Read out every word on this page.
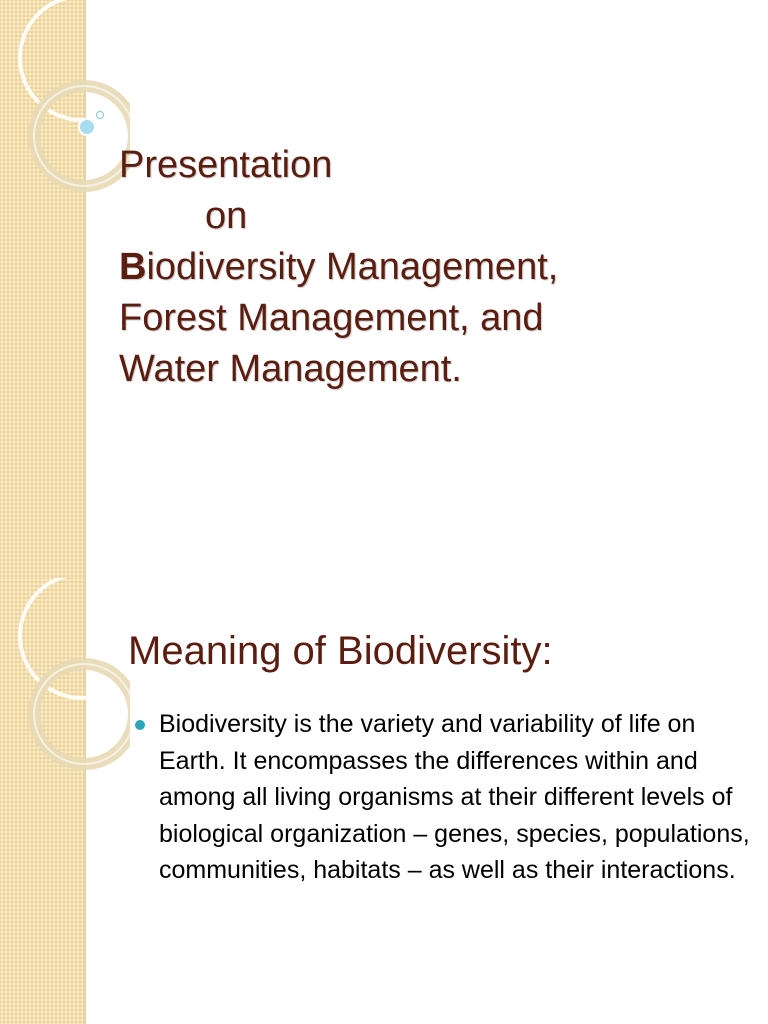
Presentation
on
Biodiversity Management,
Forest Management, and
Water Management.
Meaning of Biodiversity:
Biodiversity is the variety and variability of life on Earth. It encompasses the differences within and among all living organisms at their different levels of biological organization – genes, species, populations, communities, habitats – as well as their interactions.
